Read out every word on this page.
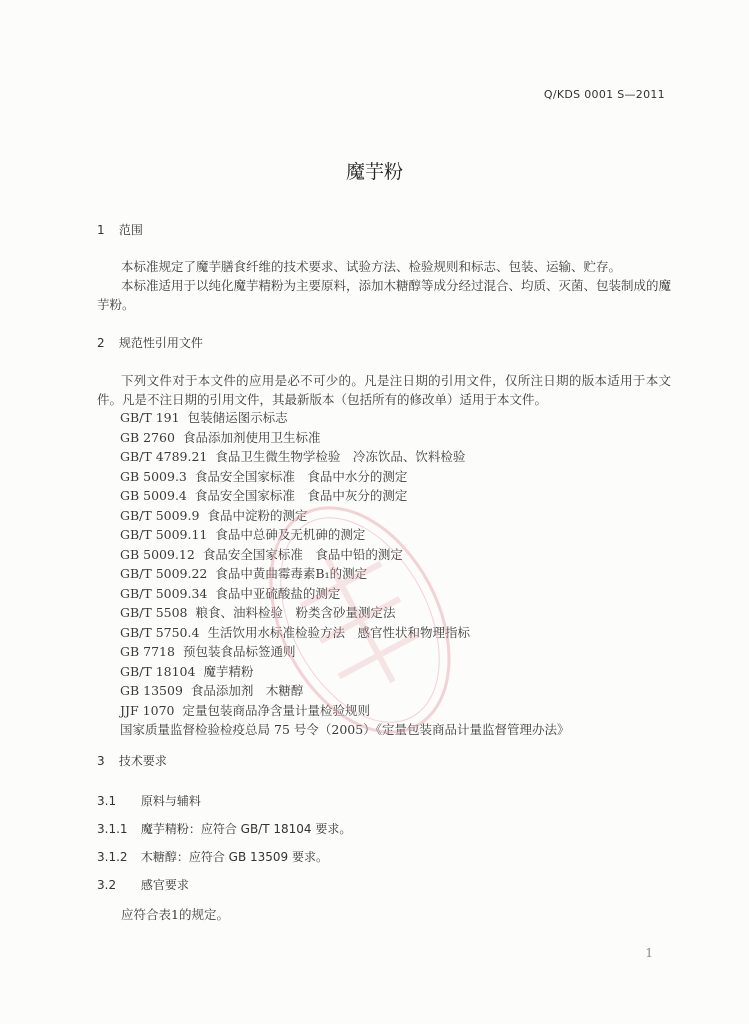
Q/KDS 0001 S—2011
魔芋粉
1 范围
本标准规定了魔芋膳食纤维的技术要求、试验方法、检验规则和标志、包装、运输、贮存。
本标准适用于以纯化魔芋精粉为主要原料，添加木糖醇等成分经过混合、均质、灭菌、包装制成的魔芋粉。
2 规范性引用文件
下列文件对于本文件的应用是必不可少的。凡是注日期的引用文件，仅所注日期的版本适用于本文件。凡是不注日期的引用文件，其最新版本（包括所有的修改单）适用于本文件。
GB/T 191 包装储运图示标志
GB 2760 食品添加剂使用卫生标准
GB/T 4789.21 食品卫生微生物学检验　冷冻饮品、饮料检验
GB 5009.3 食品安全国家标准　食品中水分的测定
GB 5009.4 食品安全国家标准　食品中灰分的测定
GB/T 5009.9 食品中淀粉的测定
GB/T 5009.11 食品中总砷及无机砷的测定
GB 5009.12 食品安全国家标准　食品中铅的测定
GB/T 5009.22 食品中黄曲霉毒素B₁的测定
GB/T 5009.34 食品中亚硫酸盐的测定
GB/T 5508 粮食、油料检验　粉类含砂量测定法
GB/T 5750.4 生活饮用水标准检验方法　感官性状和物理指标
GB 7718 预包装食品标签通则
GB/T 18104 魔芋精粉
GB 13509 食品添加剂　木糖醇
JJF 1070 定量包装商品净含量计量检验规则
国家质量监督检验检疫总局 75 号令（2005）《定量包装商品计量监督管理办法》
3 技术要求
3.1 原料与辅料
3.1.1 魔芋精粉：应符合 GB/T 18104 要求。
3.1.2 木糖醇：应符合 GB 13509 要求。
3.2 感官要求
应符合表1的规定。
1
